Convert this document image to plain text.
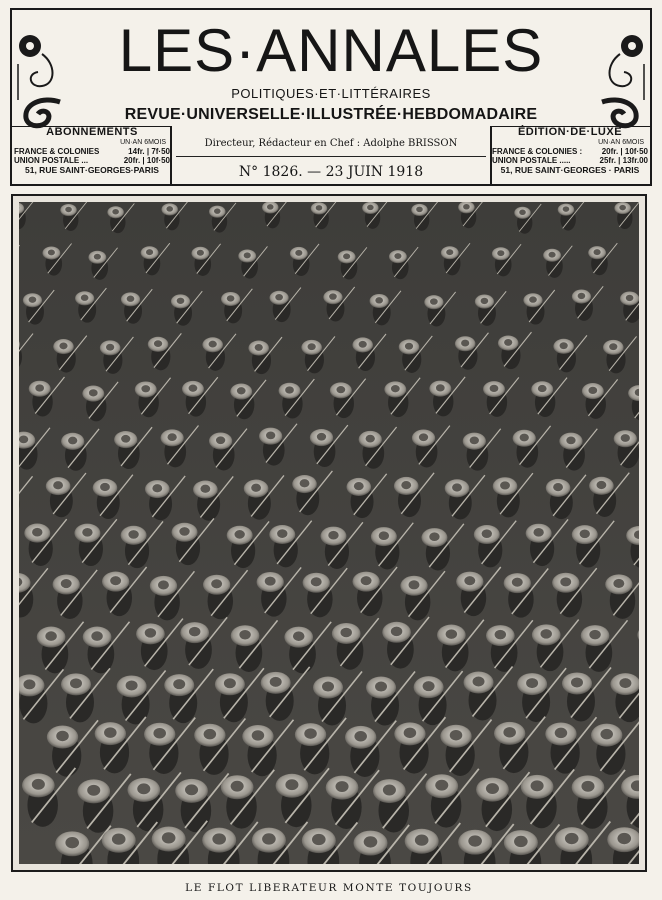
LES·ANNALES
POLITIQUES·ET·LITTÉRAIRES
REVUE·UNIVERSELLE·ILLUSTRÉE·HEBDOMADAIRE
Directeur, Rédacteur en Chef : Adolphe BRISSON
N° 1826. — 23 JUIN 1918
ABONNEMENTS
UN·AN 6MOIS
FRANCE & COLONIES	14fr. | 7f·50
UNION POSTALE ...	20fr. | 10f·50
51, RUE SAINT·GEORGES·PARIS
ÉDITION·DE·LUXE
UN·AN 6MOIS
FRANCE & COLONIES : 20fr. | 10f·50
UNION POSTALE .....	25fr. | 13fr.00
51, RUE SAINT·GEORGES · PARIS
LE FLOT LIBERATEUR MONTE TOUJOURS
